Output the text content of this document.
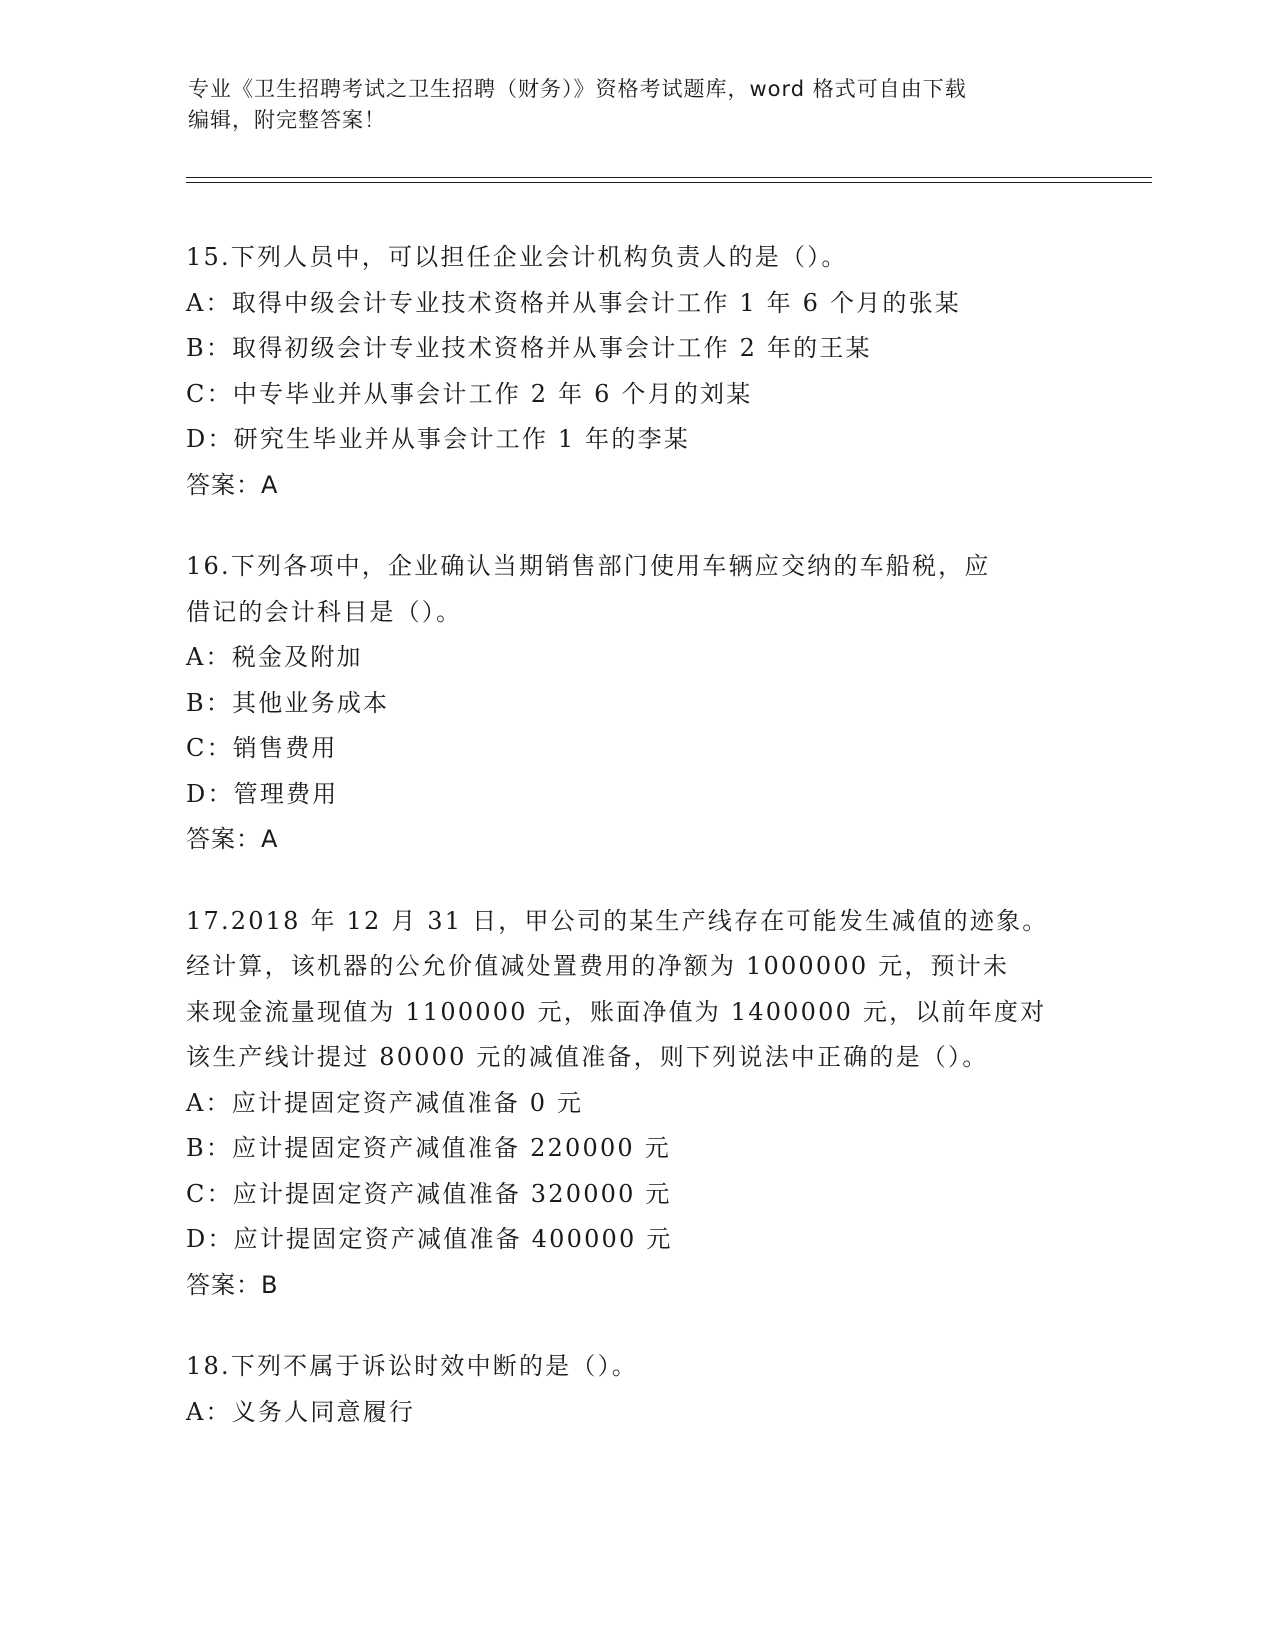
专业《卫生招聘考试之卫生招聘（财务）》资格考试题库，word 格式可自由下载
编辑，附完整答案！
15.下列人员中，可以担任企业会计机构负责人的是（）。
A：取得中级会计专业技术资格并从事会计工作 1 年 6 个月的张某
B：取得初级会计专业技术资格并从事会计工作 2 年的王某
C：中专毕业并从事会计工作 2 年 6 个月的刘某
D：研究生毕业并从事会计工作 1 年的李某
答案：A
16.下列各项中，企业确认当期销售部门使用车辆应交纳的车船税，应
借记的会计科目是（）。
A：税金及附加
B：其他业务成本
C：销售费用
D：管理费用
答案：A
17.2018 年 12 月 31 日，甲公司的某生产线存在可能发生减值的迹象。
经计算，该机器的公允价值减处置费用的净额为 1000000 元，预计未
来现金流量现值为 1100000 元，账面净值为 1400000 元，以前年度对
该生产线计提过 80000 元的减值准备，则下列说法中正确的是（）。
A：应计提固定资产减值准备 0 元
B：应计提固定资产减值准备 220000 元
C：应计提固定资产减值准备 320000 元
D：应计提固定资产减值准备 400000 元
答案：B
18.下列不属于诉讼时效中断的是（）。
A：义务人同意履行
